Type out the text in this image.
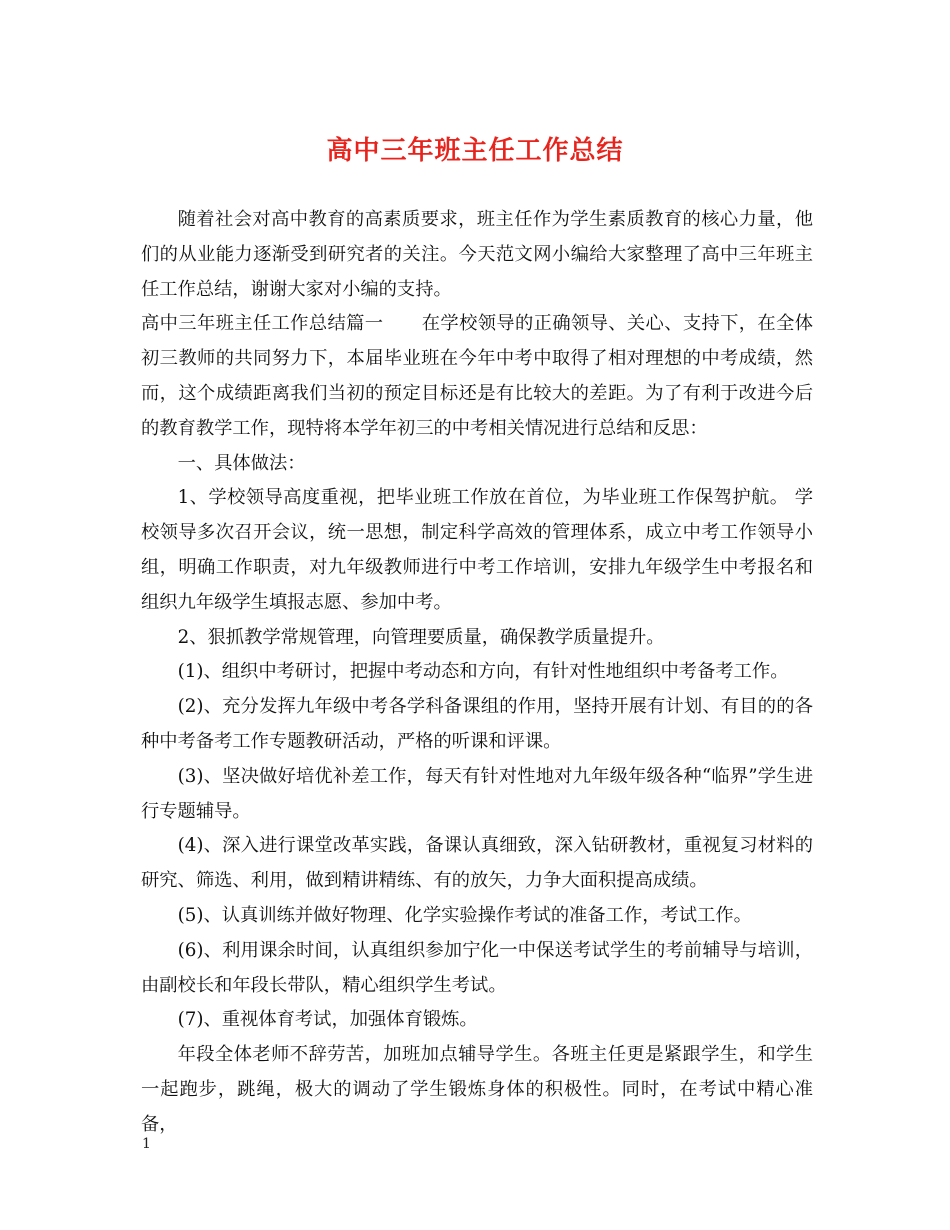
高中三年班主任工作总结

随着社会对高中教育的高素质要求，班主任作为学生素质教育的核心力量，他们的从业能力逐渐受到研究者的关注。今天范文网小编给大家整理了高中三年班主任工作总结，谢谢大家对小编的支持。

高中三年班主任工作总结篇一 在学校领导的正确领导、关心、支持下，在全体初三教师的共同努力下，本届毕业班在今年中考中取得了相对理想的中考成绩，然而，这个成绩距离我们当初的预定目标还是有比较大的差距。为了有利于改进今后的教育教学工作，现特将本学年初三的中考相关情况进行总结和反思：

一、具体做法：

1、学校领导高度重视，把毕业班工作放在首位，为毕业班工作保驾护航。 学校领导多次召开会议，统一思想，制定科学高效的管理体系，成立中考工作领导小组，明确工作职责，对九年级教师进行中考工作培训，安排九年级学生中考报名和组织九年级学生填报志愿、参加中考。

2、狠抓教学常规管理，向管理要质量，确保教学质量提升。

(1)、组织中考研讨，把握中考动态和方向，有针对性地组织中考备考工作。

(2)、充分发挥九年级中考各学科备课组的作用，坚持开展有计划、有目的的各种中考备考工作专题教研活动，严格的听课和评课。

(3)、坚决做好培优补差工作，每天有针对性地对九年级年级各种“临界”学生进行专题辅导。

(4)、深入进行课堂改革实践，备课认真细致，深入钻研教材，重视复习材料的研究、筛选、利用，做到精讲精练、有的放矢，力争大面积提高成绩。

(5)、认真训练并做好物理、化学实验操作考试的准备工作，考试工作。

(6)、利用课余时间，认真组织参加宁化一中保送考试学生的考前辅导与培训，由副校长和年段长带队，精心组织学生考试。

(7)、重视体育考试，加强体育锻炼。

年段全体老师不辞劳苦，加班加点辅导学生。各班主任更是紧跟学生，和学生一起跑步，跳绳，极大的调动了学生锻炼身体的积极性。同时，在考试中精心准备，

1
